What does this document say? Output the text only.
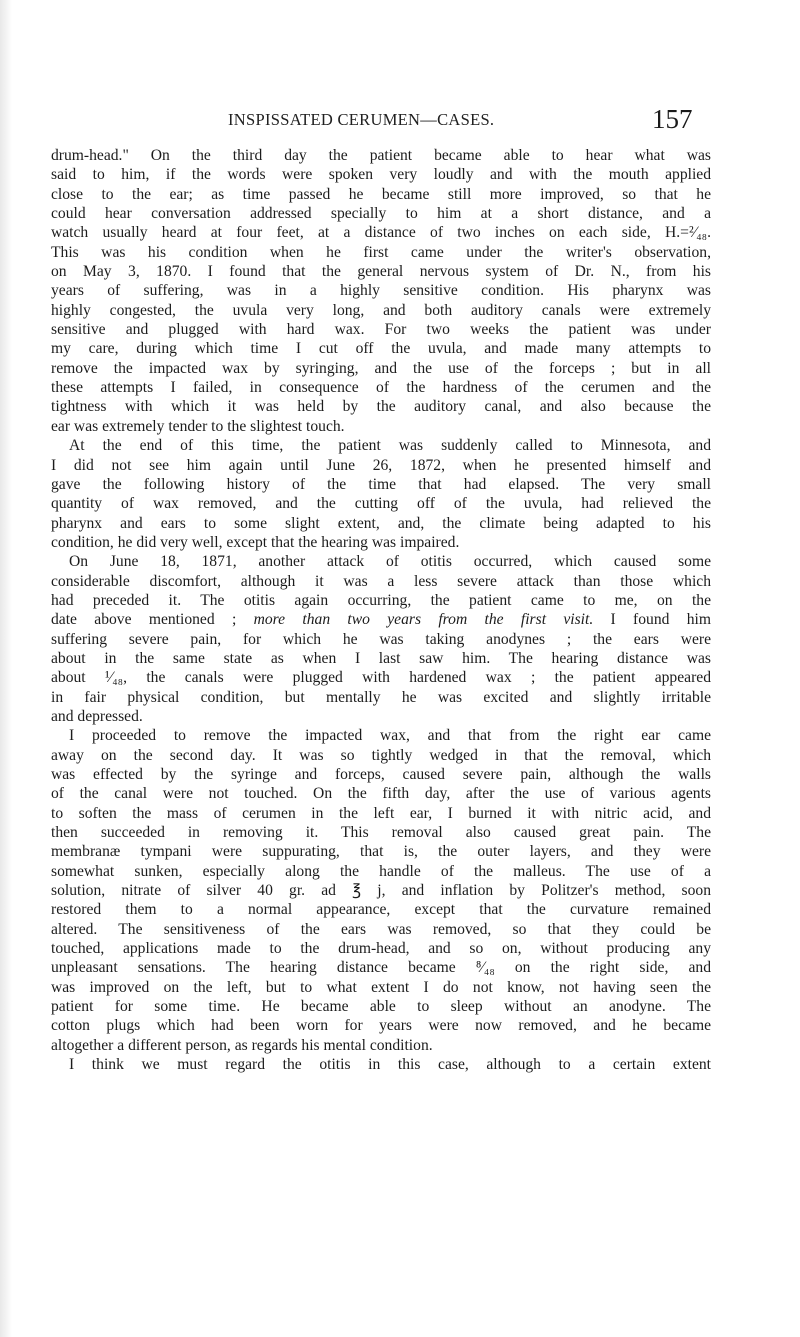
INSPISSATED CERUMEN—CASES.	157
drum-head." On the third day the patient became able to hear what was
said to him, if the words were spoken very loudly and with the mouth applied
close to the ear; as time passed he became still more improved, so that he
could hear conversation addressed specially to him at a short distance, and a
watch usually heard at four feet, at a distance of two inches on each side, H.=²⁄₄₈.
This was his condition when he first came under the writer's observation,
on May 3, 1870. I found that the general nervous system of Dr. N., from his
years of suffering, was in a highly sensitive condition. His pharynx was
highly congested, the uvula very long, and both auditory canals were extremely
sensitive and plugged with hard wax. For two weeks the patient was under
my care, during which time I cut off the uvula, and made many attempts to
remove the impacted wax by syringing, and the use of the forceps ; but in all
these attempts I failed, in consequence of the hardness of the cerumen and the
tightness with which it was held by the auditory canal, and also because the
ear was extremely tender to the slightest touch.
At the end of this time, the patient was suddenly called to Minnesota, and
I did not see him again until June 26, 1872, when he presented himself and
gave the following history of the time that had elapsed. The very small
quantity of wax removed, and the cutting off of the uvula, had relieved the
pharynx and ears to some slight extent, and, the climate being adapted to his
condition, he did very well, except that the hearing was impaired.
On June 18, 1871, another attack of otitis occurred, which caused some
considerable discomfort, although it was a less severe attack than those which
had preceded it. The otitis again occurring, the patient came to me, on the
date above mentioned ; more than two years from the first visit. I found him
suffering severe pain, for which he was taking anodynes ; the ears were
about in the same state as when I last saw him. The hearing distance was
about ¹⁄₄₈, the canals were plugged with hardened wax ; the patient appeared
in fair physical condition, but mentally he was excited and slightly irritable
and depressed.
I proceeded to remove the impacted wax, and that from the right ear came
away on the second day. It was so tightly wedged in that the removal, which
was effected by the syringe and forceps, caused severe pain, although the walls
of the canal were not touched. On the fifth day, after the use of various agents
to soften the mass of cerumen in the left ear, I burned it with nitric acid, and
then succeeded in removing it. This removal also caused great pain. The
membranæ tympani were suppurating, that is, the outer layers, and they were
somewhat sunken, especially along the handle of the malleus. The use of a
solution, nitrate of silver 40 gr. ad ℥ j, and inflation by Politzer's method, soon
restored them to a normal appearance, except that the curvature remained
altered. The sensitiveness of the ears was removed, so that they could be
touched, applications made to the drum-head, and so on, without producing any
unpleasant sensations. The hearing distance became ⁸⁄₄₈ on the right side, and
was improved on the left, but to what extent I do not know, not having seen the
patient for some time. He became able to sleep without an anodyne. The
cotton plugs which had been worn for years were now removed, and he became
altogether a different person, as regards his mental condition.
I think we must regard the otitis in this case, although to a certain extent
